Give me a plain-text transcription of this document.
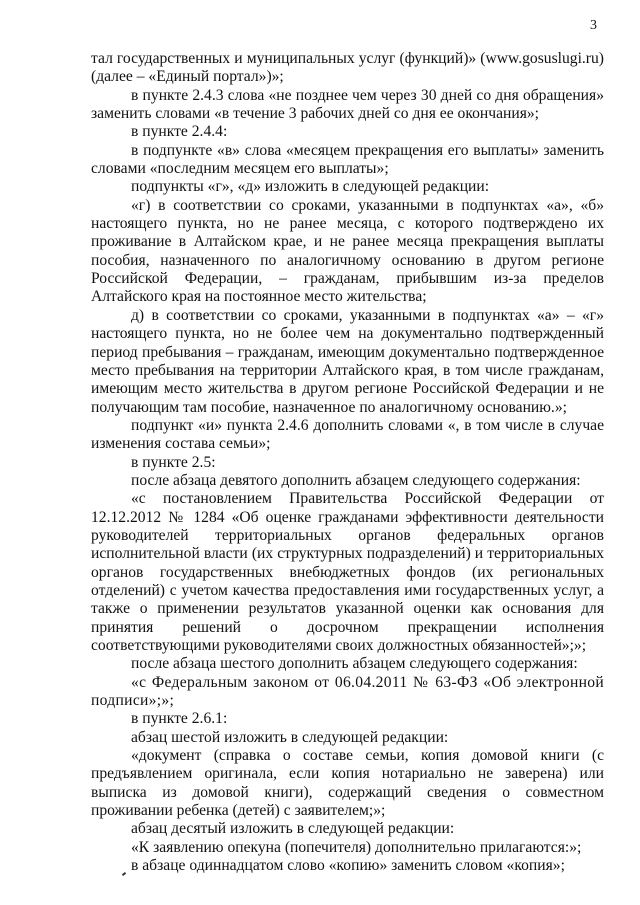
3

тал государственных и муниципальных услуг (функций)» (www.gosuslugi.ru) (далее – «Единый портал»)»;

в пункте 2.4.3 слова «не позднее чем через 30 дней со дня обращения» заменить словами «в течение 3 рабочих дней со дня ее окончания»;

в пункте 2.4.4:

в подпункте «в» слова «месяцем прекращения его выплаты» заменить словами «последним месяцем его выплаты»;

подпункты «г», «д» изложить в следующей редакции:

«г) в соответствии со сроками, указанными в подпунктах «а», «б» настоящего пункта, но не ранее месяца, с которого подтверждено их проживание в Алтайском крае, и не ранее месяца прекращения выплаты пособия, назначенного по аналогичному основанию в другом регионе Российской Федерации, – гражданам, прибывшим из-за пределов Алтайского края на постоянное место жительства;

д) в соответствии со сроками, указанными в подпунктах «а» – «г» настоящего пункта, но не более чем на документально подтвержденный период пребывания – гражданам, имеющим документально подтвержденное место пребывания на территории Алтайского края, в том числе гражданам, имеющим место жительства в другом регионе Российской Федерации и не получающим там пособие, назначенное по аналогичному основанию.»;

подпункт «и» пункта 2.4.6 дополнить словами «, в том числе в случае изменения состава семьи»;

в пункте 2.5:

после абзаца девятого дополнить абзацем следующего содержания:

«с постановлением Правительства Российской Федерации от 12.12.2012 № 1284 «Об оценке гражданами эффективности деятельности руководителей территориальных органов федеральных органов исполнительной власти (их структурных подразделений) и территориальных органов государственных внебюджетных фондов (их региональных отделений) с учетом качества предоставления ими государственных услуг, а также о применении результатов указанной оценки как основания для принятия решений о досрочном прекращении исполнения соответствующими руководителями своих должностных обязанностей»;»;

после абзаца шестого дополнить абзацем следующего содержания:

«с Федеральным законом от 06.04.2011 № 63-ФЗ «Об электронной подписи»;»;

в пункте 2.6.1:

абзац шестой изложить в следующей редакции:

«документ (справка о составе семьи, копия домовой книги (с предъявлением оригинала, если копия нотариально не заверена) или выписка из домовой книги), содержащий сведения о совместном проживании ребенка (детей) с заявителем;»;

абзац десятый изложить в следующей редакции:

«К заявлению опекуна (попечителя) дополнительно прилагаются:»;

в абзаце одиннадцатом слово «копию» заменить словом «копия»;
